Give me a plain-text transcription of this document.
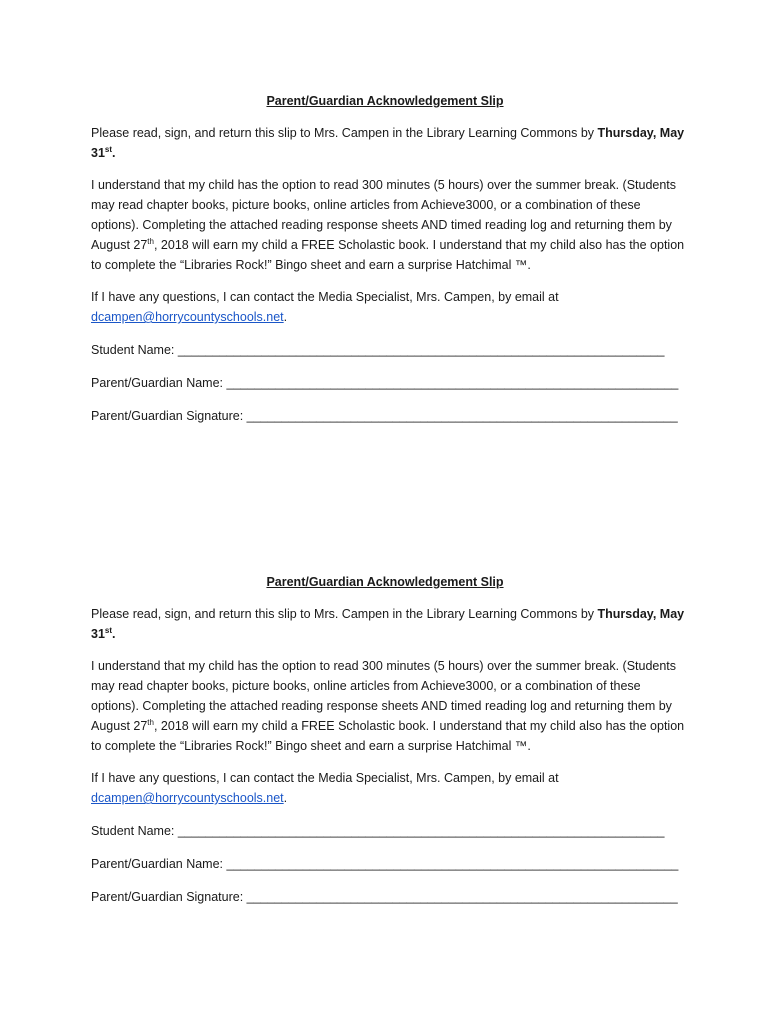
Parent/Guardian Acknowledgement Slip

Please read, sign, and return this slip to Mrs. Campen in the Library Learning Commons by Thursday, May 31st.

I understand that my child has the option to read 300 minutes (5 hours) over the summer break. (Students may read chapter books, picture books, online articles from Achieve3000, or a combination of these options). Completing the attached reading response sheets AND timed reading log and returning them by August 27th, 2018 will earn my child a FREE Scholastic book. I understand that my child also has the option to complete the “Libraries Rock!” Bingo sheet and earn a surprise Hatchimal ™.

If I have any questions, I can contact the Media Specialist, Mrs. Campen, by email at dcampen@horrycountyschools.net.

Student Name: ______________________________________________________________________
Parent/Guardian Name: _________________________________________________________________
Parent/Guardian Signature: ______________________________________________________________
Parent/Guardian Acknowledgement Slip

Please read, sign, and return this slip to Mrs. Campen in the Library Learning Commons by Thursday, May 31st.

I understand that my child has the option to read 300 minutes (5 hours) over the summer break. (Students may read chapter books, picture books, online articles from Achieve3000, or a combination of these options). Completing the attached reading response sheets AND timed reading log and returning them by August 27th, 2018 will earn my child a FREE Scholastic book. I understand that my child also has the option to complete the “Libraries Rock!” Bingo sheet and earn a surprise Hatchimal ™.

If I have any questions, I can contact the Media Specialist, Mrs. Campen, by email at dcampen@horrycountyschools.net.

Student Name: ______________________________________________________________________
Parent/Guardian Name: _________________________________________________________________
Parent/Guardian Signature: ______________________________________________________________
